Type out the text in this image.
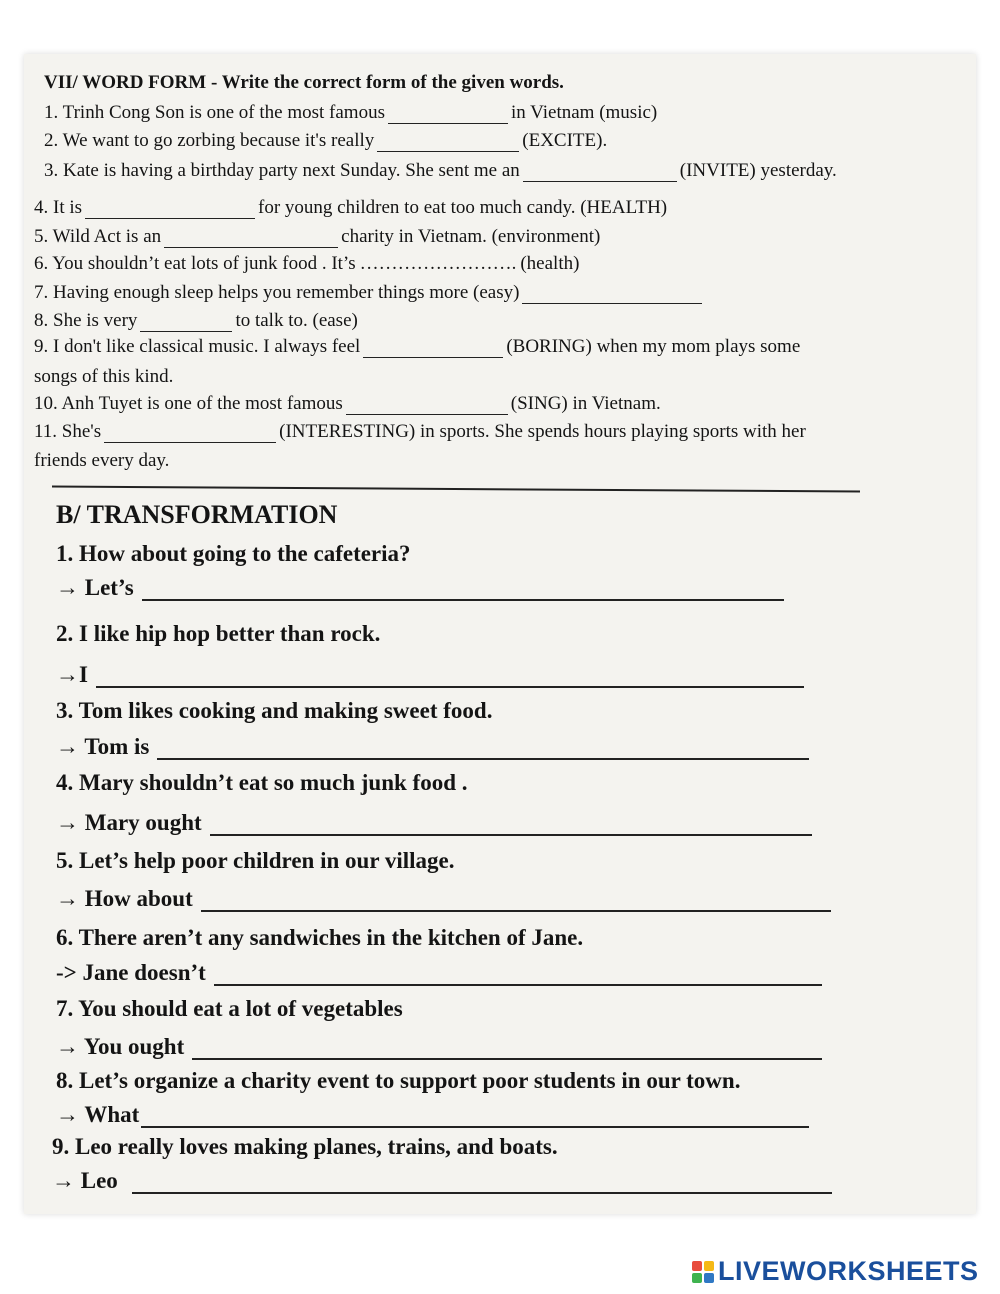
VII/ WORD FORM - Write the correct form of the given words.
1. Trinh Cong Son is one of the most famous	in Vietnam (music)
2. We want to go zorbing because it's really	(EXCITE).
3. Kate is having a birthday party next Sunday. She sent me an	(INVITE) yesterday.
4. It is	for young children to eat too much candy. (HEALTH)
5. Wild Act is an	charity in Vietnam. (environment)
6. You shouldn’t eat lots of junk food . It’s ……………………. (health)
7. Having enough sleep helps you remember things more (easy)
8. She is very	to talk to. (ease)
9. I don't like classical music. I always feel	(BORING) when my mom plays some
songs of this kind.
10. Anh Tuyet is one of the most famous	(SING) in Vietnam.
11. She's	(INTERESTING) in sports. She spends hours playing sports with her
friends every day.
B/ TRANSFORMATION
1. How about going to the cafeteria?
→ Let’s
2. I like hip hop better than rock.
→I
3. Tom likes cooking and making sweet food.
→ Tom is
4. Mary shouldn’t eat so much junk food .
→ Mary ought
5. Let’s help poor children in our village.
→ How about
6. There aren’t any sandwiches in the kitchen of Jane.
-> Jane doesn’t
7. You should eat a lot of vegetables
→ You ought
8. Let’s organize a charity event to support poor students in our town.
→ What
9. Leo really loves making planes, trains, and boats.
→ Leo
LIVEWORKSHEETS
